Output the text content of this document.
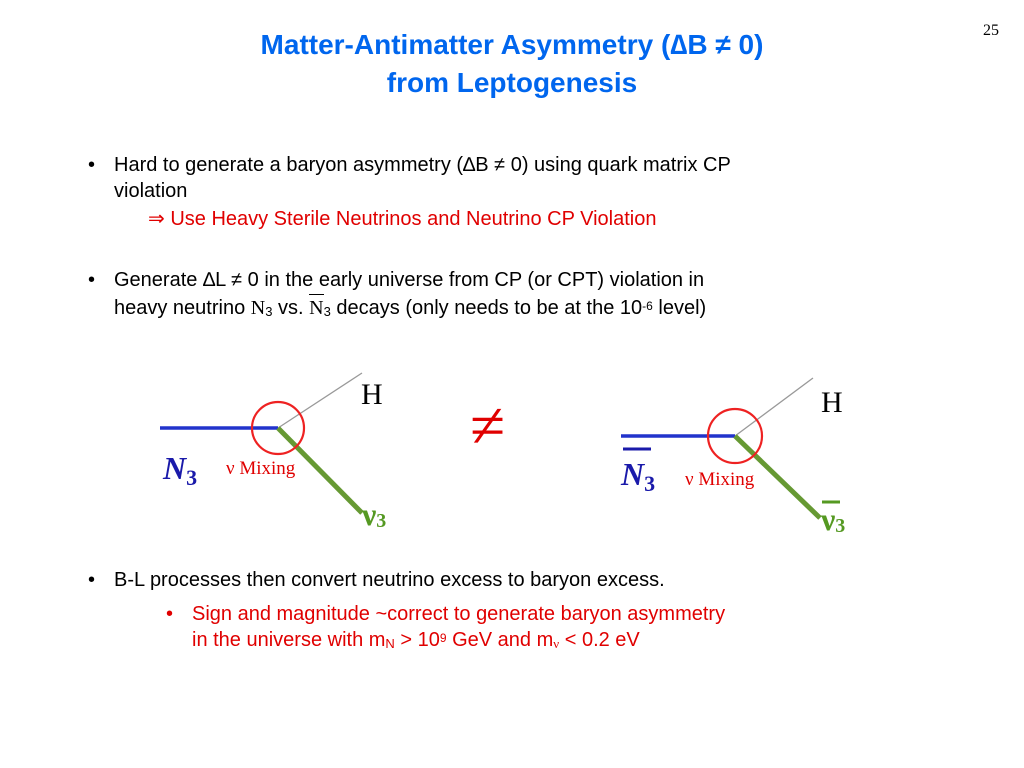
25
Matter-Antimatter Asymmetry (∆B ≠ 0)
from Leptogenesis
• Hard to generate a baryon asymmetry (∆B ≠ 0) using quark matrix CP
violation
⇒ Use Heavy Sterile Neutrinos and Neutrino CP Violation
• Generate ∆L ≠ 0 in the early universe from CP (or CPT) violation in
heavy neutrino $N_3$ vs. $N_3$ decays (only needs to be at the $10^{-6}$ level)
H
N3 ν Mixing
ν3
≠	H
N3 ν Mixing
ν3
• B-L processes then convert neutrino excess to baryon excess.
• Sign and magnitude ~correct to generate baryon asymmetry
in the universe with $m_N > 10^9$ GeV and $m_\nu < 0.2$ eV
